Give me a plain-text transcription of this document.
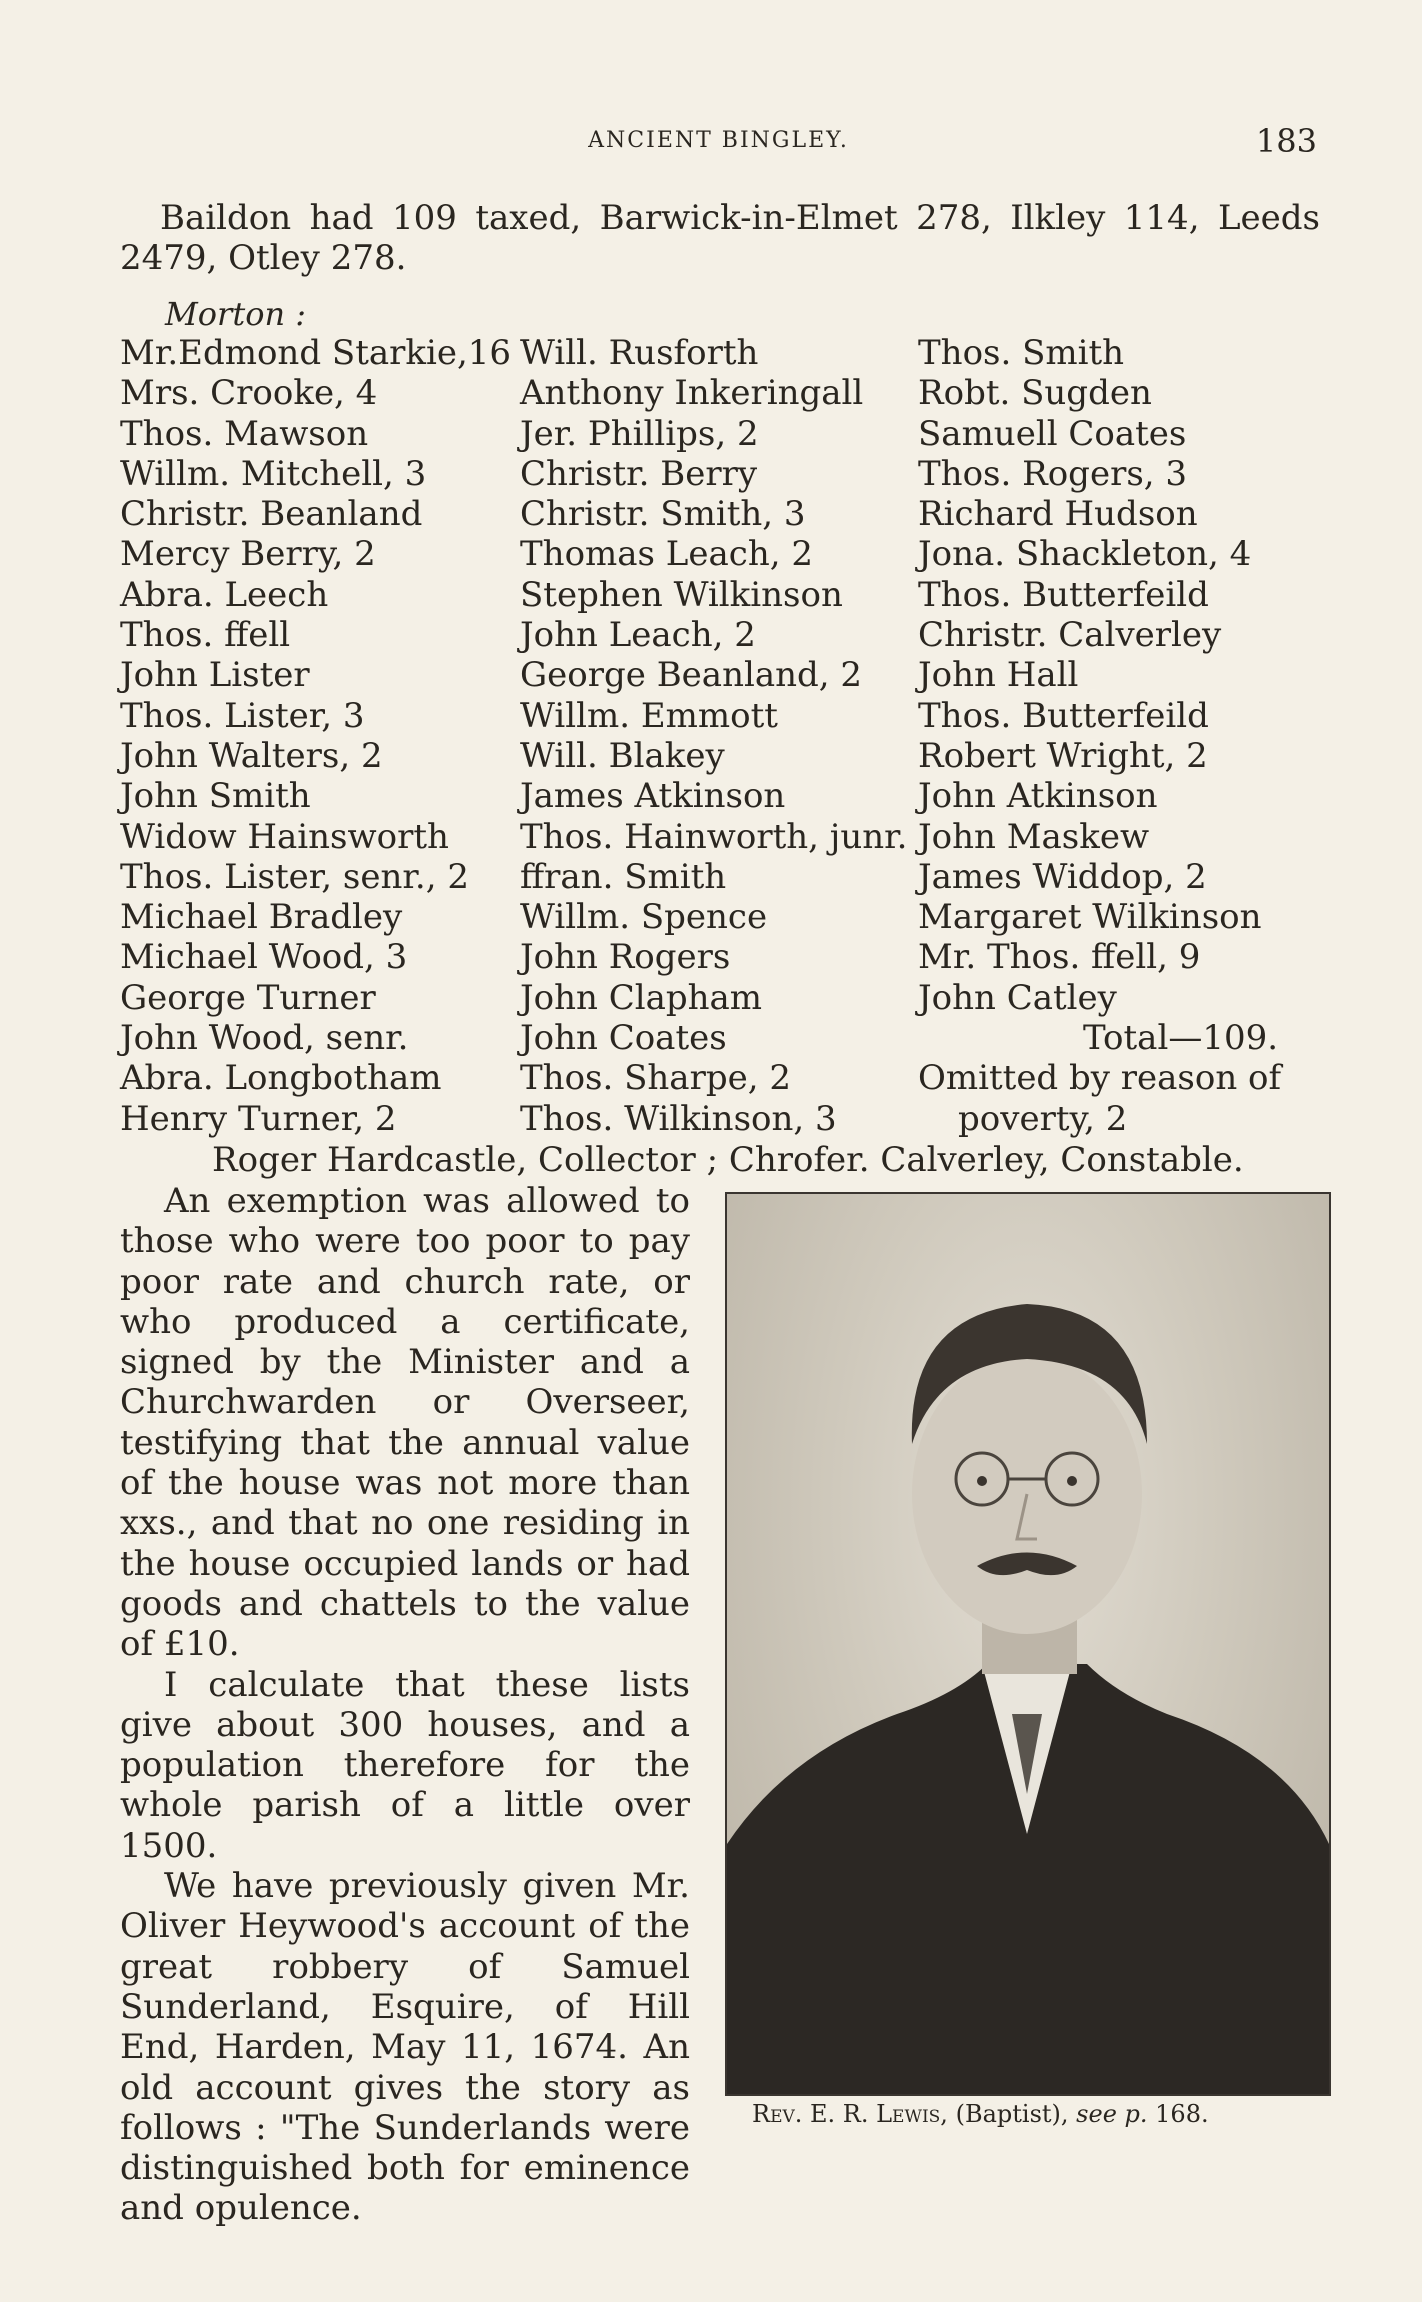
ANCIENT BINGLEY.	183
Baildon had 109 taxed, Barwick-in-Elmet 278, Ilkley 114, Leeds 2479, Otley 278.
Morton :
Mr.Edmond Starkie,16
Mrs. Crooke, 4
Thos. Mawson
Willm. Mitchell, 3
Christr. Beanland
Mercy Berry, 2
Abra. Leech
Thos. ffell
John Lister
Thos. Lister, 3
John Walters, 2
John Smith
Widow Hainsworth
Thos. Lister, senr., 2
Michael Bradley
Michael Wood, 3
George Turner
John Wood, senr.
Abra. Longbotham
Henry Turner, 2
Will. Rusforth
Anthony Inkeringall
Jer. Phillips, 2
Christr. Berry
Christr. Smith, 3
Thomas Leach, 2
Stephen Wilkinson
John Leach, 2
George Beanland, 2
Willm. Emmott
Will. Blakey
James Atkinson
Thos. Hainworth, junr.
ffran. Smith
Willm. Spence
John Rogers
John Clapham
John Coates
Thos. Sharpe, 2
Thos. Wilkinson, 3
Thos. Smith
Robt. Sugden
Samuell Coates
Thos. Rogers, 3
Richard Hudson
Jona. Shackleton, 4
Thos. Butterfeild
Christr. Calverley
John Hall
Thos. Butterfeild
Robert Wright, 2
John Atkinson
John Maskew
James Widdop, 2
Margaret Wilkinson
Mr. Thos. ffell, 9
John Catley
Total—109.
Omitted by reason of
poverty, 2
Roger Hardcastle, Collector ; Chrofer. Calverley, Constable.

An exemption was allowed to those who were too poor to pay poor rate and church rate, or who produced a certificate, signed by the Minister and a Churchwarden or Overseer, testifying that the annual value of the house was not more than xxs., and that no one residing in the house occupied lands or had goods and chattels to the value of £10.

I calculate that these lists give about 300 houses, and a population therefore for the whole parish of a little over 1500.

We have previously given Mr. Oliver Heywood's account of the great robbery of Samuel Sunderland, Esquire, of Hill End, Harden, May 11, 1674. An old account gives the story as follows : "The Sunderlands were distinguished both for eminence and opulence.

Rev. E. R. Lewis, (Baptist), see p. 168.
